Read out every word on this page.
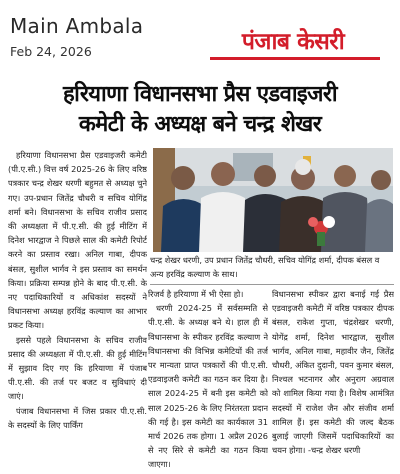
Main Ambala
Feb 24, 2026	पंजाब केसरी
हरियाणा विधानसभा प्रैस एडवाइजरी
कमेटी के अध्यक्ष बने चन्द्र शेखर

हरियाणा विधानसभा प्रैस एडवाइजरी कमेटी (पी.ए.सी.) वित्त वर्ष 2025-26 के लिए वरिष्ठ पत्रकार चन्द्र शेखर धरणी बहुमत से अध्यक्ष चुने गए। उप-प्रधान जितेंद्र चौधरी व सचिव योगिंद्र शर्मा बने। विधानसभा के सचिव राजीव प्रसाद की अध्यक्षता में पी.ए.सी. की हुई मीटिंग में दिनेश भारद्वाज ने पिछले साल की कमेटी रिपोर्ट करने का प्रस्ताव रखा। अनिल गाबा, दीपक बंसल, सुशील भार्गव ने इस प्रस्ताव का समर्थन किया। प्रक्रिया सम्पन्न होने के बाद पी.ए.सी. के नए पदाधिकारियों व अधिकांश सदस्यों ने विधानसभा अध्यक्ष हरविंद्र कल्याण का आभार प्रकट किया।

इससे पहले विधानसभा के सचिव राजीव प्रसाद की अध्यक्षता में पी.ए.सी. की हुई मीटिंग में सुझाव दिए गए कि हरियाणा में पंजाब पी.ए.सी. की तर्ज पर बजट व सुविधाएं दी जाएं।

पंजाब विधानसभा में जिस प्रकार पी.ए.सी. के सदस्यों के लिए पार्किंग

चन्द्र शेखर धरणी, उप प्रधान जितेंद्र चौधरी, सचिव योगिंद्र शर्मा, दीपक बंसल व अन्य हरविंद्र कल्याण के साथ।

रिजर्व है हरियाणा में भी ऐसा हो।

धरणी 2024-25 में सर्वसम्मति से पी.ए.सी. के अध्यक्ष बने थे। हाल ही में विधानसभा के स्पीकर हरविंद्र कल्याण ने विधानसभा की विभिन्न कमेटियों की तर्ज पर मान्यता प्राप्त पत्रकारों की पी.ए.सी. एडवाइजरी कमेटी का गठन कर दिया है। साल 2024-25 में बनी इस कमेटी को साल 2025-26 के लिए निरंतरता प्रदान की गई है। इस कमेटी का कार्यकाल 31 मार्च 2026 तक होगा। 1 अप्रैल 2026 से नए सिरे से कमेटी का गठन किया जाएगा।

विधानसभा स्पीकर द्वारा बनाई गई प्रैस एडवाइजरी कमेटी में वरिष्ठ पत्रकार दीपक बंसल, राकेश गुप्ता, चंद्रशेखर धरणी, योगेंद्र शर्मा, दिनेश भारद्वाज, सुशील भार्गव, अनिल गाबा, महावीर जैन, जितेंद्र चौधरी, अंकित दुदानी, पवन कुमार बंसल, निश्चल भटनागर और अनुराग अग्रवाल को शामिल किया गया है। विशेष आमंत्रित सदस्यों में राजेश जैन और संजीव शर्मा शामिल हैं। इस कमेटी की जल्द बैठक बुलाई जाएगी जिसमें पदाधिकारियों का चयन होगा। -चन्द्र शेखर धरणी
